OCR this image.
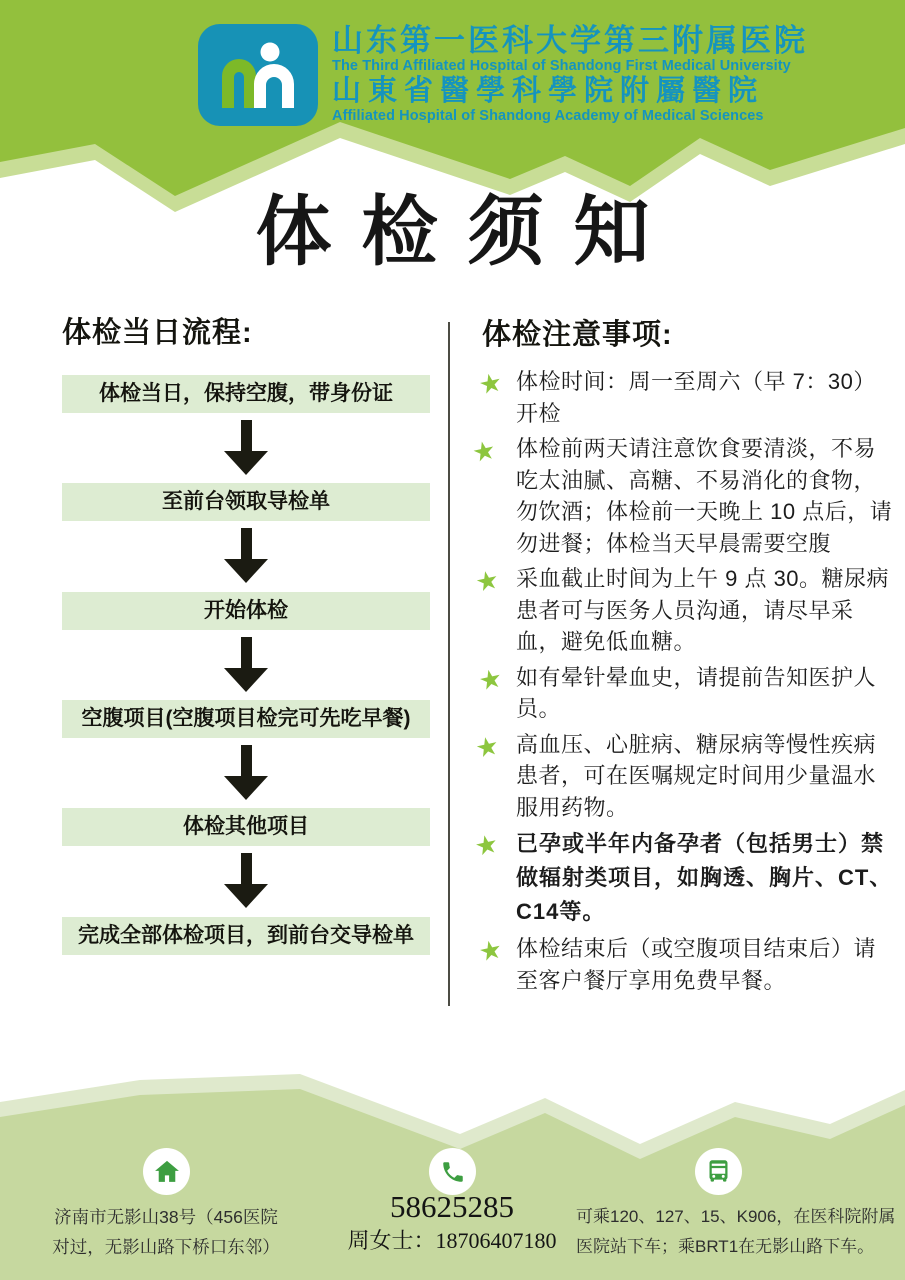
山东第一医科大学第三附属医院
The Third Affiliated Hospital of Shandong First Medical University
山東省醫學科學院附屬醫院
Affiliated Hospital of Shandong Academy of Medical Sciences
体检须知
体检当日流程:
体检当日，保持空腹，带身份证
至前台领取导检单
开始体检
空腹项目(空腹项目检完可先吃早餐)
体检其他项目
完成全部体检项目，到前台交导检单
体检注意事项:
★ 体检时间：周一至周六（早 7：30）开检
★ 体检前两天请注意饮食要清淡，不易吃太油腻、高糖、不易消化的食物，勿饮酒；体检前一天晚上 10 点后，请勿进餐；体检当天早晨需要空腹
★ 采血截止时间为上午 9 点 30。糖尿病患者可与医务人员沟通，请尽早采血，避免低血糖。
★ 如有晕针晕血史，请提前告知医护人员。
★ 高血压、心脏病、糖尿病等慢性疾病患者，可在医嘱规定时间用少量温水服用药物。
★ 已孕或半年内备孕者（包括男士）禁做辐射类项目，如胸透、胸片、CT、C14等。
★ 体检结束后（或空腹项目结束后）请至客户餐厅享用免费早餐。
济南市无影山38号（456医院
对过，无影山路下桥口东邻）
58625285
周女士：18706407180
可乘120、127、15、K906，在医科院附属
医院站下车；乘BRT1在无影山路下车。
